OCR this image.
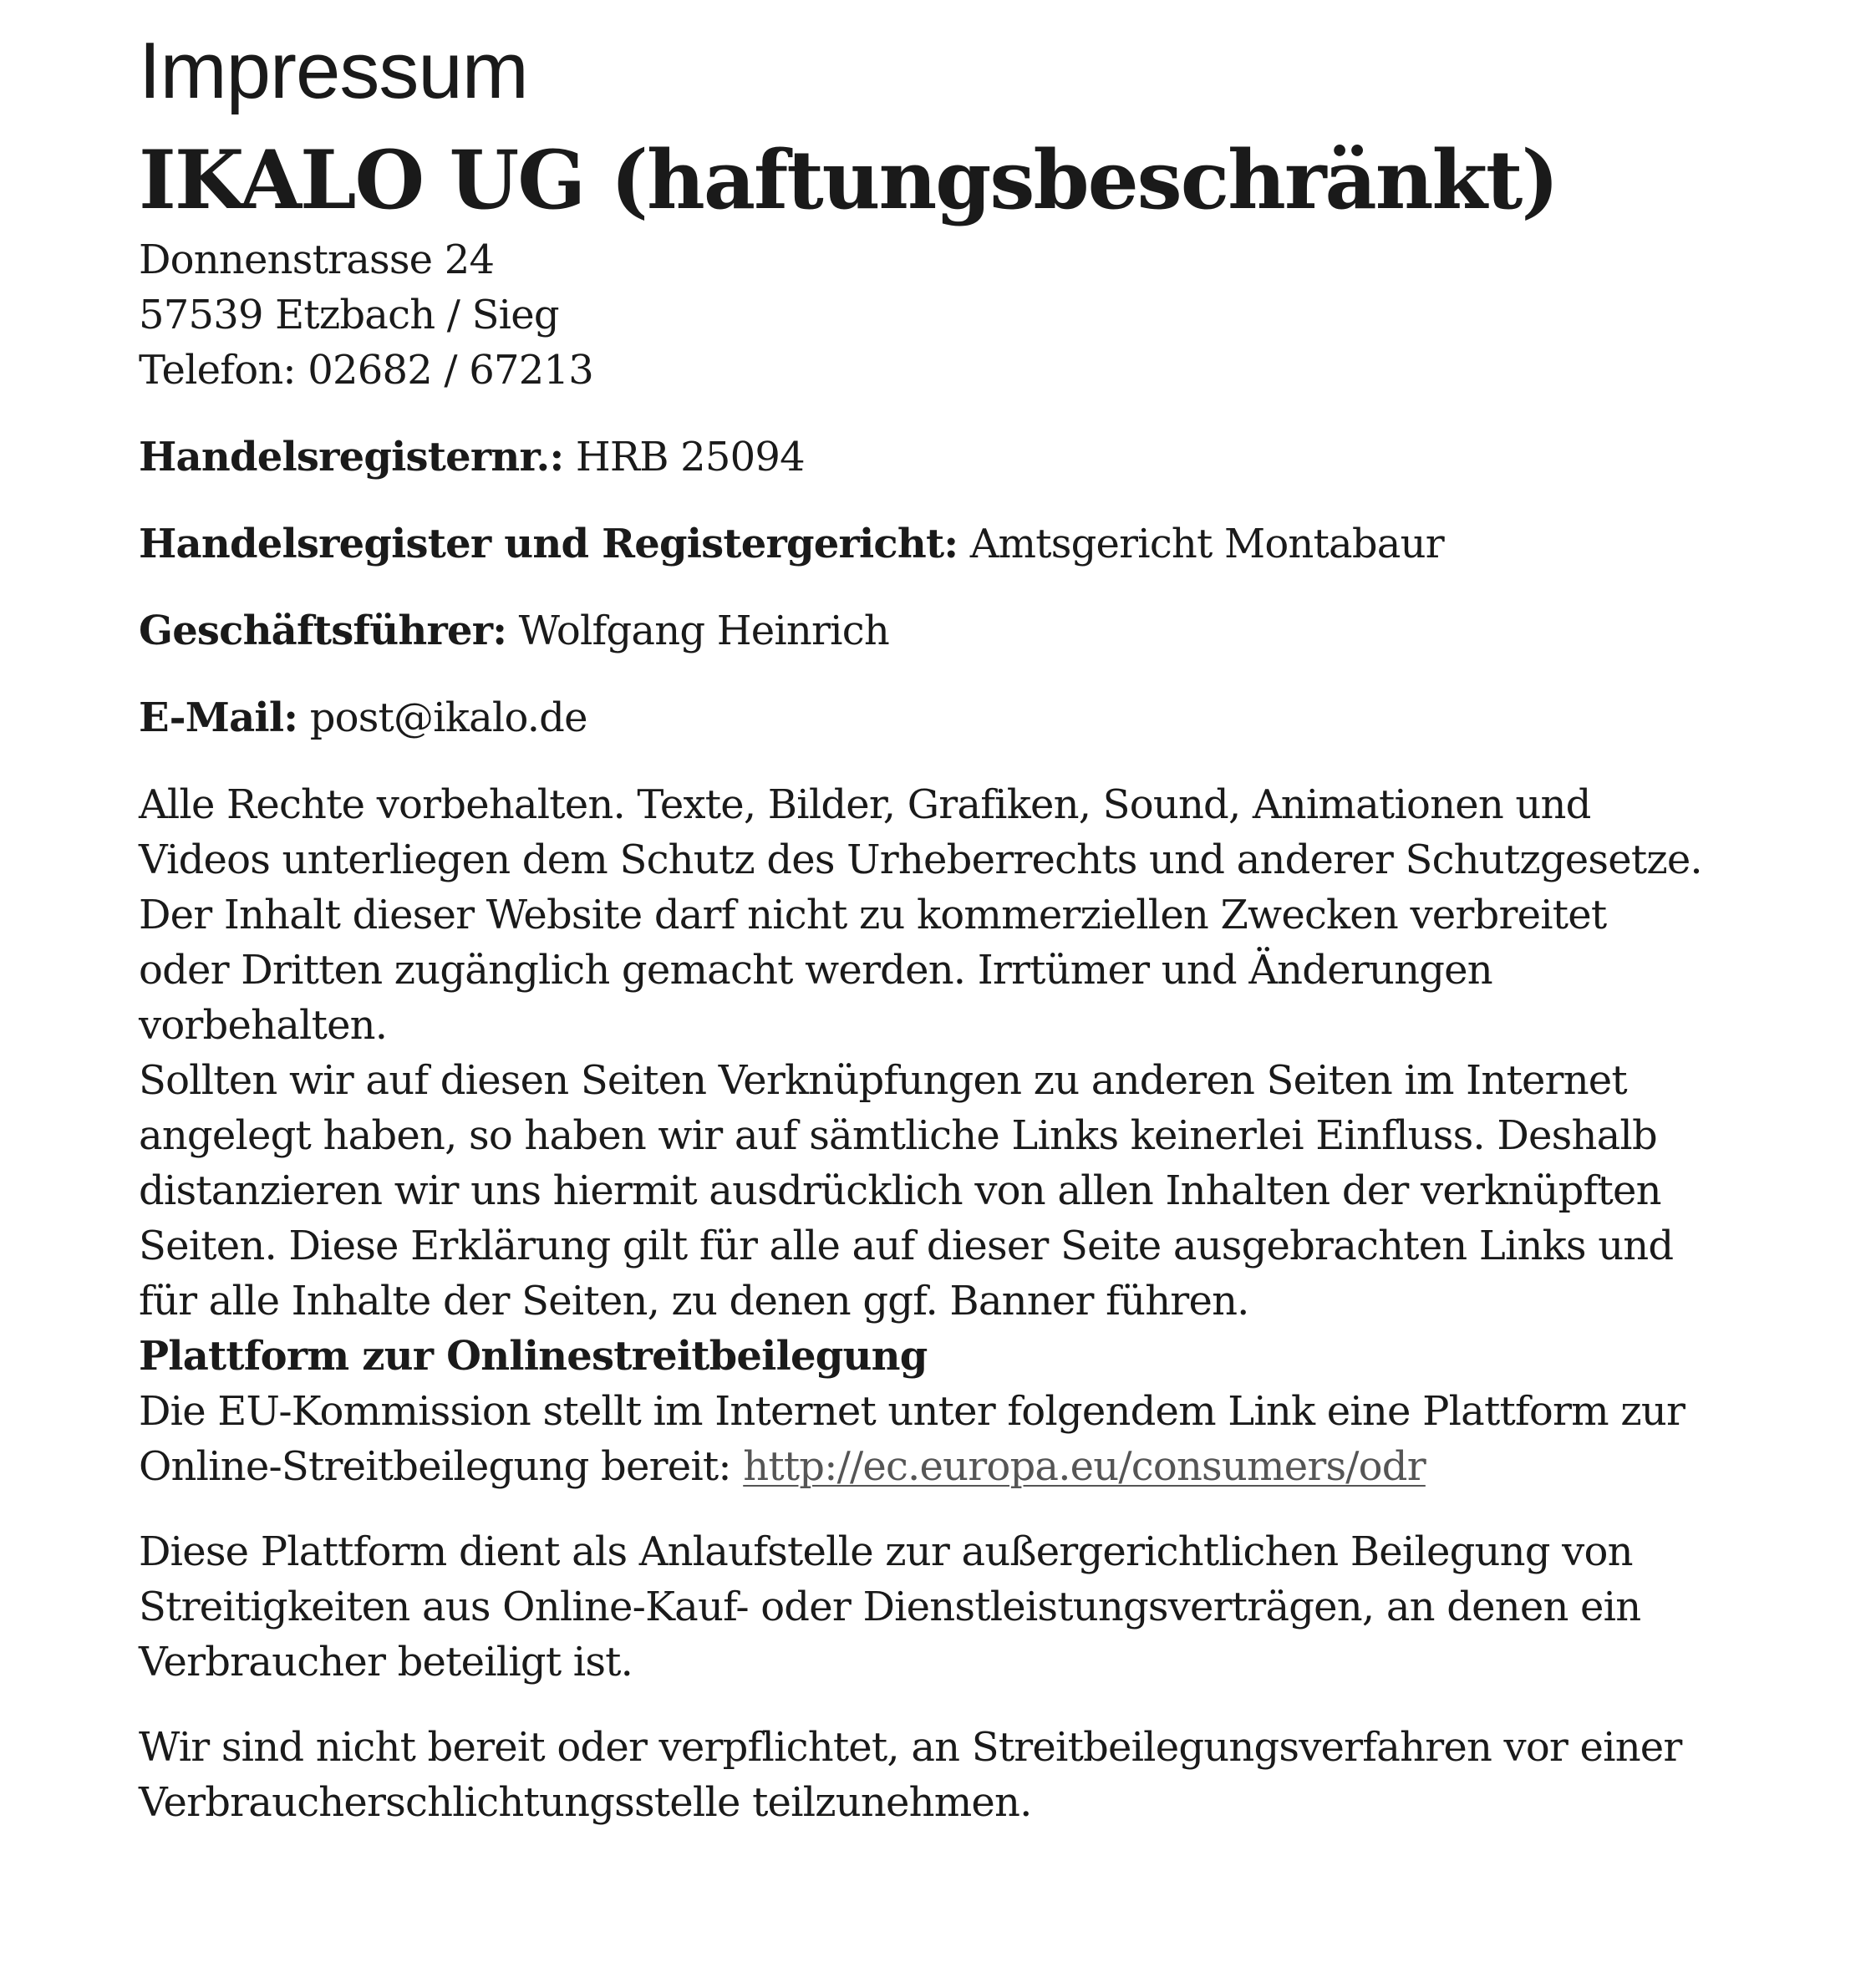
Impressum
IKALO UG (haftungsbeschränkt)
Donnenstrasse 24
57539 Etzbach / Sieg
Telefon: 02682 / 67213

Handelsregisternr.: HRB 25094

Handelsregister und Registergericht: Amtsgericht Montabaur

Geschäftsführer: Wolfgang Heinrich

E-Mail: post@ikalo.de

Alle Rechte vorbehalten. Texte, Bilder, Grafiken, Sound, Animationen und
Videos unterliegen dem Schutz des Urheberrechts und anderer Schutzgesetze.
Der Inhalt dieser Website darf nicht zu kommerziellen Zwecken verbreitet
oder Dritten zugänglich gemacht werden. Irrtümer und Änderungen
vorbehalten.
Sollten wir auf diesen Seiten Verknüpfungen zu anderen Seiten im Internet
angelegt haben, so haben wir auf sämtliche Links keinerlei Einfluss. Deshalb
distanzieren wir uns hiermit ausdrücklich von allen Inhalten der verknüpften
Seiten. Diese Erklärung gilt für alle auf dieser Seite ausgebrachten Links und
für alle Inhalte der Seiten, zu denen ggf. Banner führen.
Plattform zur Onlinestreitbeilegung
Die EU-Kommission stellt im Internet unter folgendem Link eine Plattform zur
Online-Streitbeilegung bereit: http://ec.europa.eu/consumers/odr
Diese Plattform dient als Anlaufstelle zur außergerichtlichen Beilegung von
Streitigkeiten aus Online-Kauf- oder Dienstleistungsverträgen, an denen ein
Verbraucher beteiligt ist.
Wir sind nicht bereit oder verpflichtet, an Streitbeilegungsverfahren vor einer
Verbraucherschlichtungsstelle teilzunehmen.
